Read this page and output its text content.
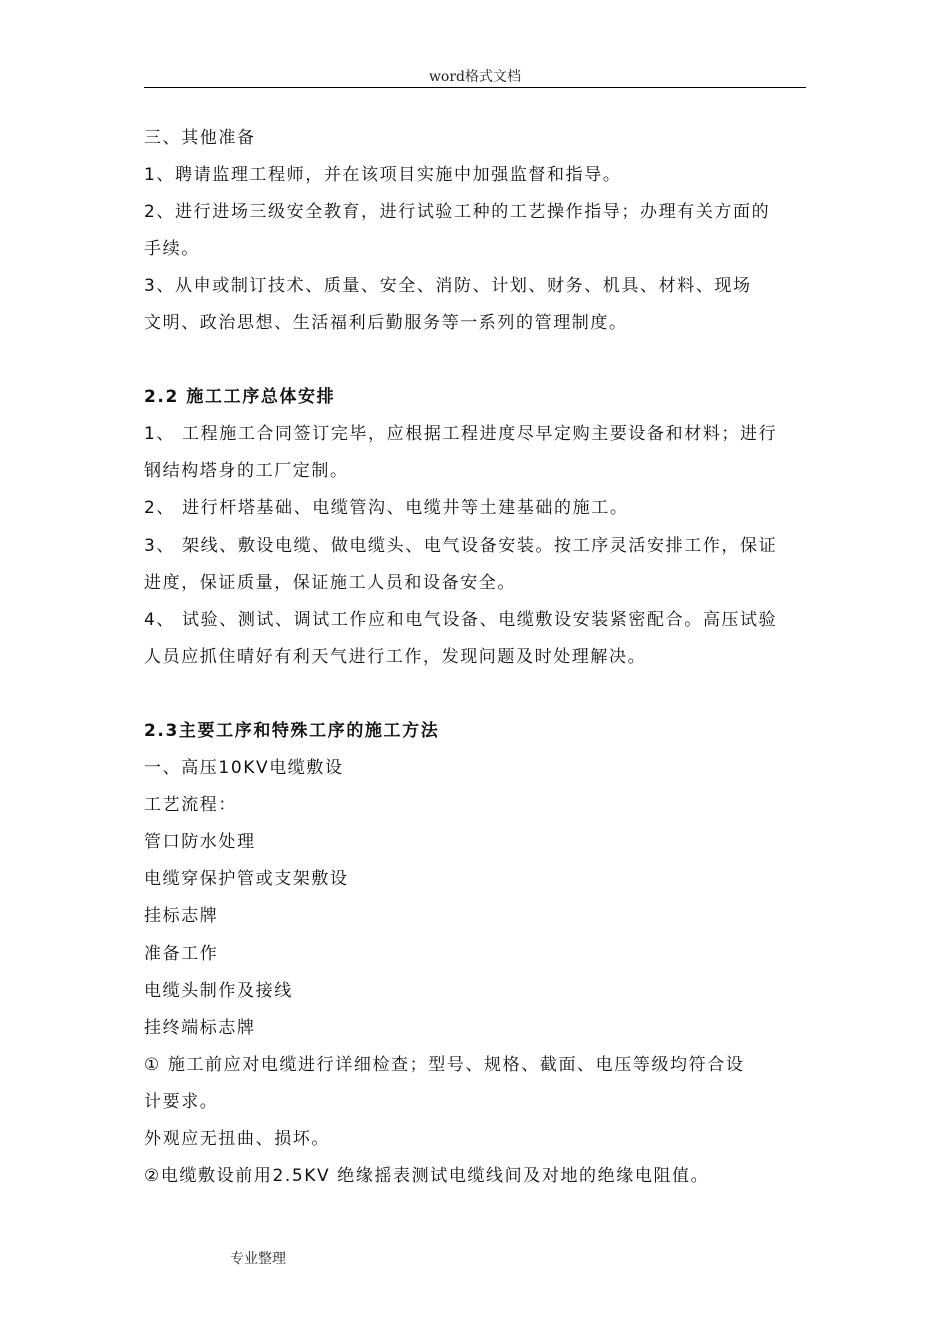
word格式文档
三、其他准备
1、聘请监理工程师，并在该项目实施中加强监督和指导。
2、进行进场三级安全教育，进行试验工种的工艺操作指导；办理有关方面的
手续。
3、从申或制订技术、质量、安全、消防、计划、财务、机具、材料、现场
文明、政治思想、生活福利后勤服务等一系列的管理制度。
2.2 施工工序总体安排
1、 工程施工合同签订完毕，应根据工程进度尽早定购主要设备和材料；进行
钢结构塔身的工厂定制。
2、 进行杆塔基础、电缆管沟、电缆井等土建基础的施工。
3、 架线、敷设电缆、做电缆头、电气设备安装。按工序灵活安排工作，保证
进度，保证质量，保证施工人员和设备安全。
4、 试验、测试、调试工作应和电气设备、电缆敷设安装紧密配合。高压试验
人员应抓住晴好有利天气进行工作，发现问题及时处理解决。
2.3主要工序和特殊工序的施工方法
一、高压10KV电缆敷设
工艺流程：
管口防水处理
电缆穿保护管或支架敷设
挂标志牌
准备工作
电缆头制作及接线
挂终端标志牌
① 施工前应对电缆进行详细检查；型号、规格、截面、电压等级均符合设
计要求。
外观应无扭曲、损坏。
②电缆敷设前用2.5KV 绝缘摇表测试电缆线间及对地的绝缘电阻值。
专业整理
